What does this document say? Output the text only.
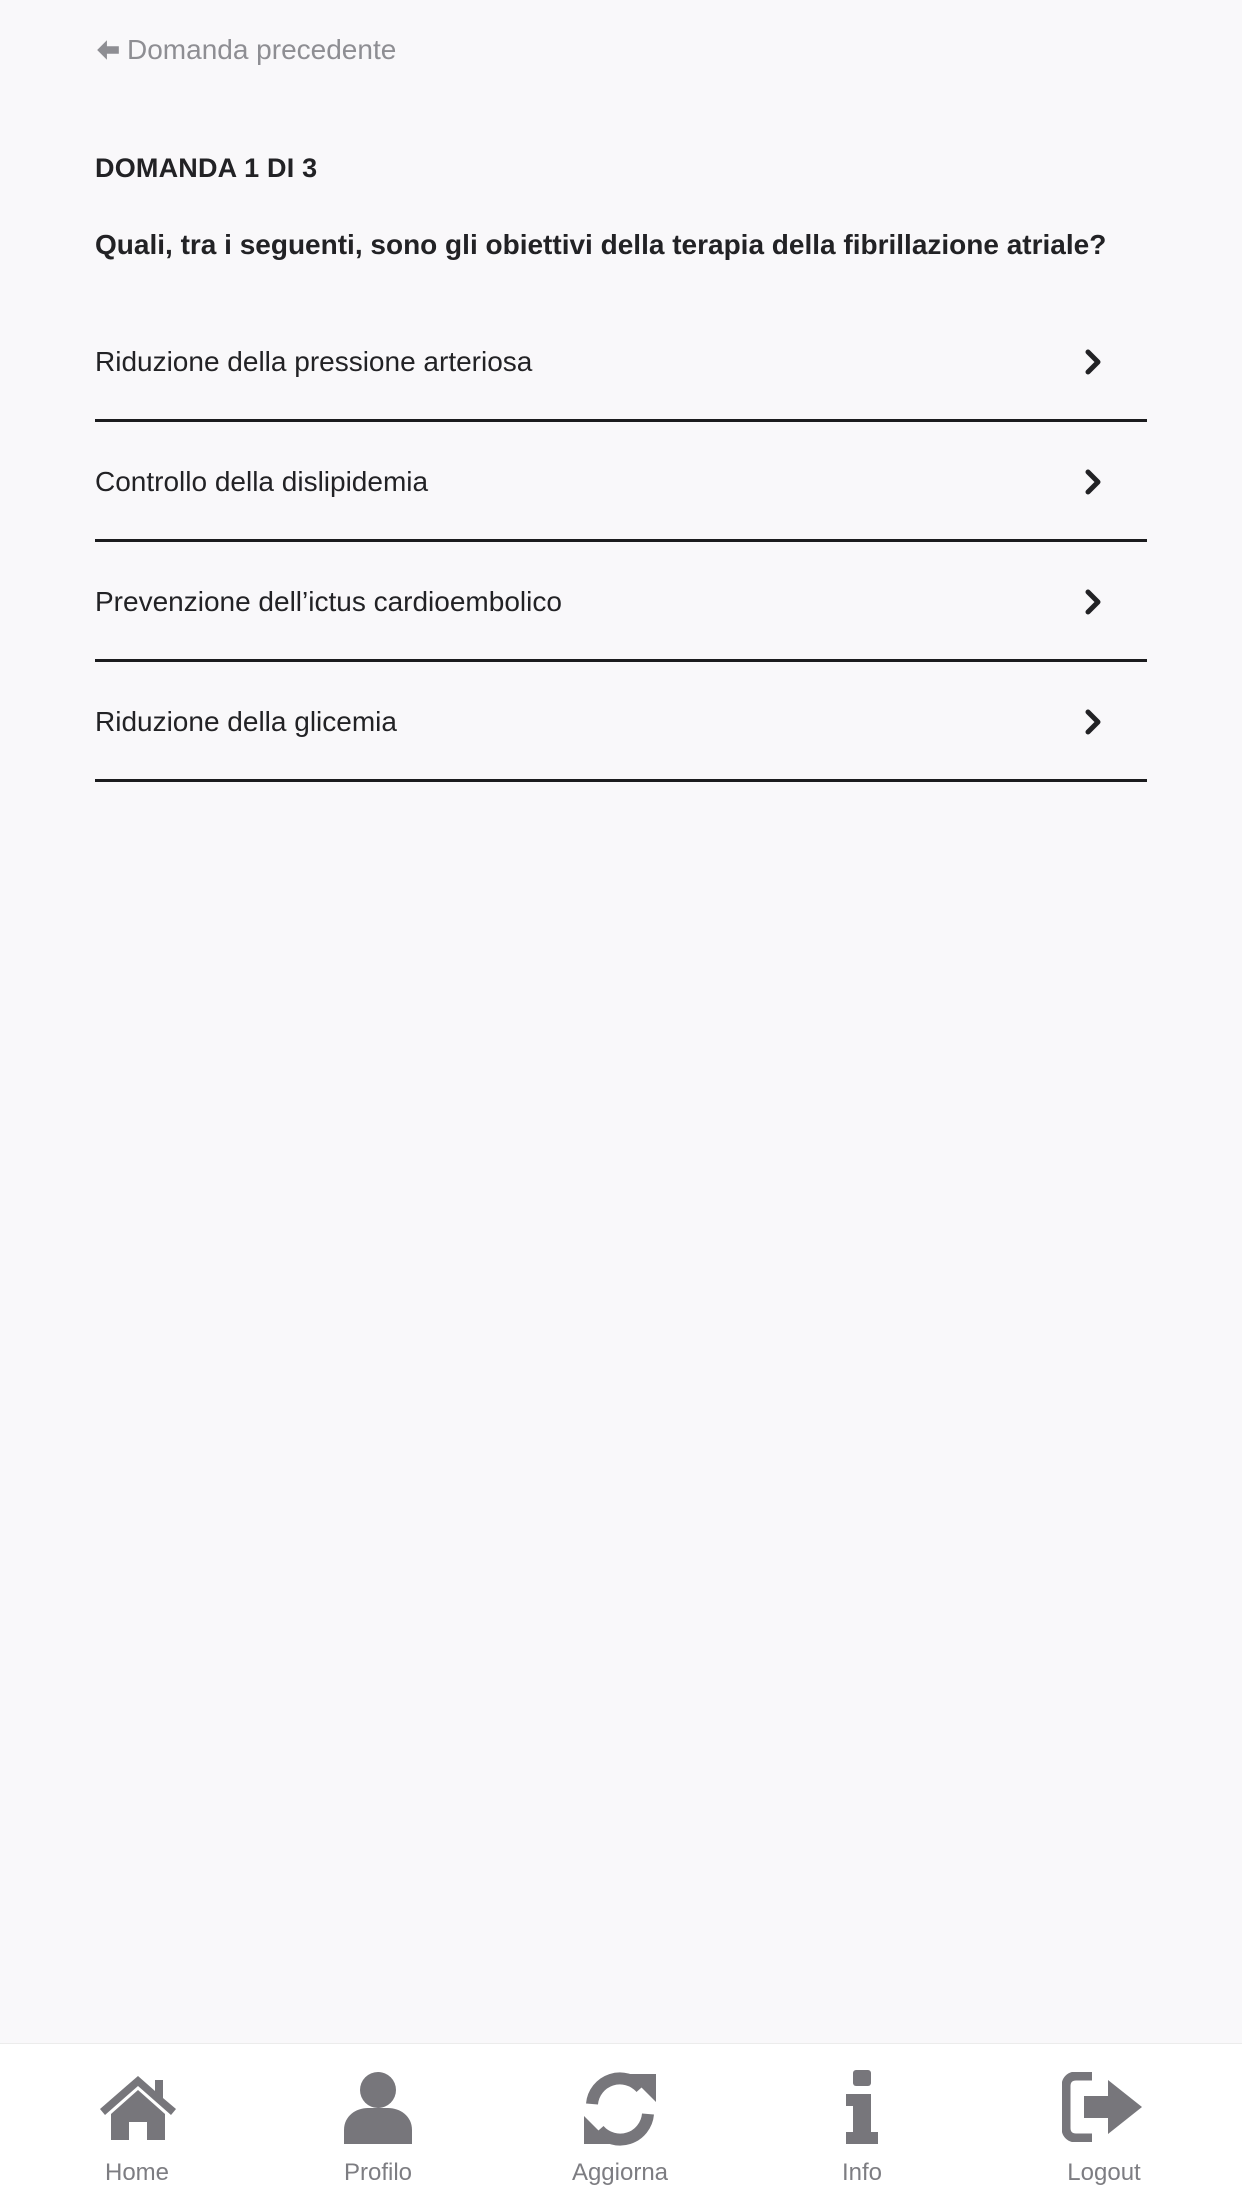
Domanda precedente
DOMANDA 1 DI 3
Quali, tra i seguenti, sono gli obiettivi della terapia della fibrillazione atriale?
Riduzione della pressione arteriosa
Controllo della dislipidemia
Prevenzione dell’ictus cardioembolico
Riduzione della glicemia
Home	Profilo	Aggiorna	Info	Logout
